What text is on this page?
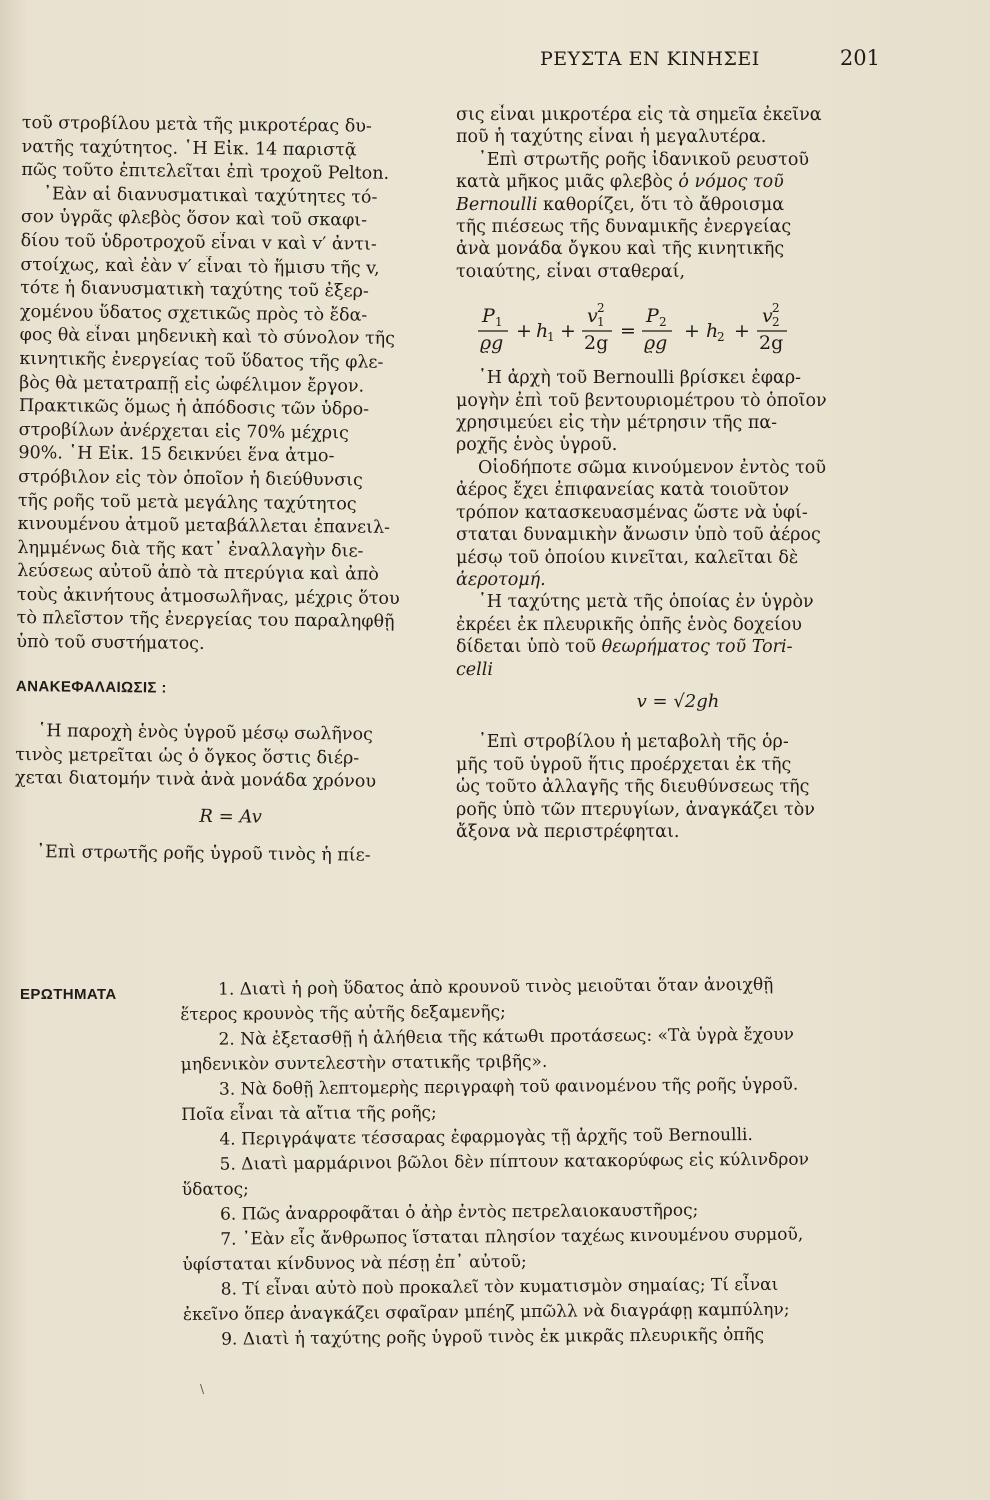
ΡΕΥΣΤΑ ΕΝ ΚΙΝΗΣΕΙ	201
τοῦ στροβίλου μετὰ τῆς μικροτέρας δυ-
νατῆς ταχύτητος. ῾Η Εἰκ. 14 παριστᾷ
πῶς τοῦτο ἐπιτελεῖται ἐπὶ τροχοῦ Pelton.
᾿Εὰν αἱ διανυσματικαὶ ταχύτητες τό-
σον ὑγρᾶς φλεβὸς ὅσον καὶ τοῦ σκαφι-
δίου τοῦ ὑδροτροχοῦ εἶναι v καὶ v′ ἀντι-
στοίχως, καὶ ἐὰν v′ εἶναι τὸ ἥμισυ τῆς v,
τότε ἡ διανυσματικὴ ταχύτης τοῦ ἐξερ-
χομένου ὕδατος σχετικῶς πρὸς τὸ ἔδα-
φος θὰ εἶναι μηδενικὴ καὶ τὸ σύνολον τῆς
κινητικῆς ἐνεργείας τοῦ ὕδατος τῆς φλε-
βὸς θὰ μετατραπῇ εἰς ὠφέλιμον ἔργον.
Πρακτικῶς ὅμως ἡ ἀπόδοσις τῶν ὑδρο-
στροβίλων ἀνέρχεται εἰς 70% μέχρις
90%. ῾Η Εἰκ. 15 δεικνύει ἕνα ἀτμο-
στρόβιλον εἰς τὸν ὁποῖον ἡ διεύθυνσις
τῆς ροῆς τοῦ μετὰ μεγάλης ταχύτητος
κινουμένου ἀτμοῦ μεταβάλλεται ἐπανειλ-
λημμένως διὰ τῆς κατ᾿ ἐναλλαγὴν διε-
λεύσεως αὐτοῦ ἀπὸ τὰ πτερύγια καὶ ἀπὸ
τοὺς ἀκινήτους ἀτμοσωλῆνας, μέχρις ὅτου
τὸ πλεῖστον τῆς ἐνεργείας του παραληφθῇ
ὑπὸ τοῦ συστήματος.
ΑΝΑΚΕΦΑΛΑΙΩΣΙΣ :
῾Η παροχὴ ἑνὸς ὑγροῦ μέσῳ σωλῆνος
τινὸς μετρεῖται ὡς ὁ ὄγκος ὅστις διέρ-
χεται διατομήν τινὰ ἀνὰ μονάδα χρόνου
R = Av
᾿Επὶ στρωτῆς ροῆς ὑγροῦ τινὸς ἡ πίε-
σις εἶναι μικροτέρα εἰς τὰ σημεῖα ἐκεῖνα
ποῦ ἡ ταχύτης εἶναι ἡ μεγαλυτέρα.
᾿Επὶ στρωτῆς ροῆς ἰδανικοῦ ρευστοῦ
κατὰ μῆκος μιᾶς φλεβὸς ὁ νόμος τοῦ
Bernoulli καθορίζει, ὅτι τὸ ἄθροισμα
τῆς πιέσεως τῆς δυναμικῆς ἐνεργείας
ἀνὰ μονάδα ὄγκου καὶ τῆς κινητικῆς
τοιαύτης, εἶναι σταθεραί,
P 1
ϱg
+ h
1 +
v 1
2
2g
=
P 2
ϱg
+ h
2 +
v 2
2
2g
῾Η ἀρχὴ τοῦ Bernoulli βρίσκει ἐφαρ-
μογὴν ἐπὶ τοῦ βεντουριομέτρου τὸ ὁποῖον
χρησιμεύει εἰς τὴν μέτρησιν τῆς πα-
ροχῆς ἑνὸς ὑγροῦ.
Οἱοδήποτε σῶμα κινούμενον ἐντὸς τοῦ
ἀέρος ἔχει ἐπιφανείας κατὰ τοιοῦτον
τρόπον κατασκευασμένας ὥστε νὰ ὑφί-
σταται δυναμικὴν ἄνωσιν ὑπὸ τοῦ ἀέρος
μέσῳ τοῦ ὁποίου κινεῖται, καλεῖται δὲ
ἀεροτομή.
῾Η ταχύτης μετὰ τῆς ὁποίας ἐν ὑγρὸν
ἐκρέει ἐκ πλευρικῆς ὀπῆς ἑνὸς δοχείου
δίδεται ὑπὸ τοῦ θεωρήματος τοῦ Tori-
celli
v = √2gh
᾿Επὶ στροβίλου ἡ μεταβολὴ τῆς ὁρ-
μῆς τοῦ ὑγροῦ ἥτις προέρχεται ἐκ τῆς
ὡς τοῦτο ἀλλαγῆς τῆς διευθύνσεως τῆς
ροῆς ὑπὸ τῶν πτερυγίων, ἀναγκάζει τὸν
ἄξονα νὰ περιστρέφηται.
ΕΡΩΤΗΜΑΤΑ	1. Διατὶ ἡ ροὴ ὕδατος ἀπὸ κρουνοῦ τινὸς μειοῦται ὅταν ἀνοιχθῇ
ἕτερος κρουνὸς τῆς αὐτῆς δεξαμενῆς;
2. Νὰ ἐξετασθῇ ἡ ἀλήθεια τῆς κάτωθι προτάσεως: «Τὰ ὑγρὰ ἔχουν
μηδενικὸν συντελεστὴν στατικῆς τριβῆς».
3. Νὰ δοθῇ λεπτομερὴς περιγραφὴ τοῦ φαινομένου τῆς ροῆς ὑγροῦ.
Ποῖα εἶναι τὰ αἴτια τῆς ροῆς;
4. Περιγράψατε τέσσαρας ἐφαρμογὰς τῇ ἀρχῆς τοῦ Bernoulli.
5. Διατὶ μαρμάρινοι βῶλοι δὲν πίπτουν κατακορύφως εἰς κύλινδρον
ὕδατος;
6. Πῶς ἀναρροφᾶται ὁ ἀὴρ ἐντὸς πετρελαιοκαυστῆρος;
7. ᾿Εὰν εἷς ἄνθρωπος ἵσταται πλησίον ταχέως κινουμένου συρμοῦ,
ὑφίσταται κίνδυνος νὰ πέσῃ ἐπ᾿ αὐτοῦ;
8. Τί εἶναι αὐτὸ ποὺ προκαλεῖ τὸν κυματισμὸν σημαίας; Τί εἶναι
ἐκεῖνο ὅπερ ἀναγκάζει σφαῖραν μπέηζ μπῶλλ νὰ διαγράφῃ καμπύλην;
9. Διατὶ ἡ ταχύτης ροῆς ὑγροῦ τινὸς ἐκ μικρᾶς πλευρικῆς ὀπῆς
\
